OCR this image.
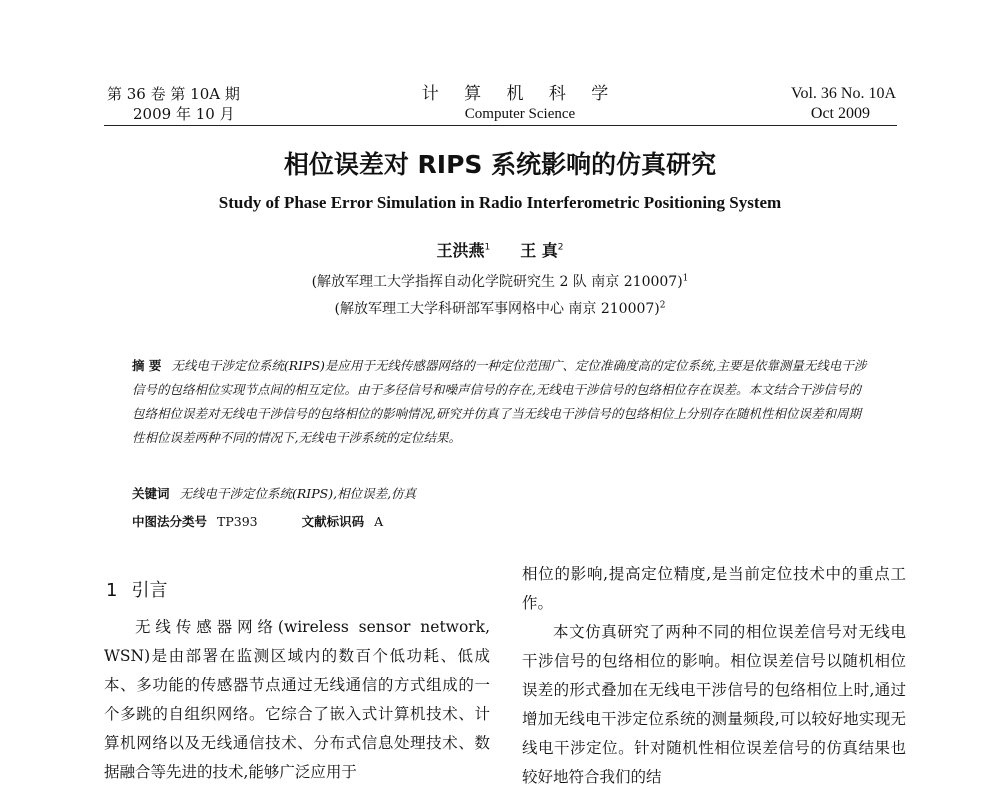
第 36 卷 第 10A 期
2009 年 10 月
计 算 机 科 学
Computer Science
Vol. 36 No. 10A
Oct 2009
相位误差对 RIPS 系统影响的仿真研究
Study of Phase Error Simulation in Radio Interferometric Positioning System
王洪燕$^1$ 王 真$^2$
(解放军理工大学指挥自动化学院研究生 2 队 南京 210007)$^1$
(解放军理工大学科研部军事网格中心 南京 210007)$^2$
摘 要 无线电干涉定位系统(RIPS)是应用于无线传感器网络的一种定位范围广、定位准确度高的定位系统,主要是依靠测量无线电干涉信号的包络相位实现节点间的相互定位。由于多径信号和噪声信号的存在,无线电干涉信号的包络相位存在误差。本文结合干涉信号的包络相位误差对无线电干涉信号的包络相位的影响情况,研究并仿真了当无线电干涉信号的包络相位上分别存在随机性相位误差和周期性相位误差两种不同的情况下,无线电干涉系统的定位结果。
关键词 无线电干涉定位系统(RIPS),相位误差,仿真
中图法分类号 TP393	文献标识码 A
1 引言

无线传感器网络(wireless sensor network, WSN)是由部署在监测区域内的数百个低功耗、低成本、多功能的传感器节点通过无线通信的方式组成的一个多跳的自组织网络。它综合了嵌入式计算机技术、计算机网络以及无线通信技术、分布式信息处理技术、数据融合等先进的技术,能够广泛应用于

相位的影响,提高定位精度,是当前定位技术中的重点工作。

本文仿真研究了两种不同的相位误差信号对无线电干涉信号的包络相位的影响。相位误差信号以随机相位误差的形式叠加在无线电干涉信号的包络相位上时,通过增加无线电干涉定位系统的测量频段,可以较好地实现无线电干涉定位。针对随机性相位误差信号的仿真结果也较好地符合我们的结
